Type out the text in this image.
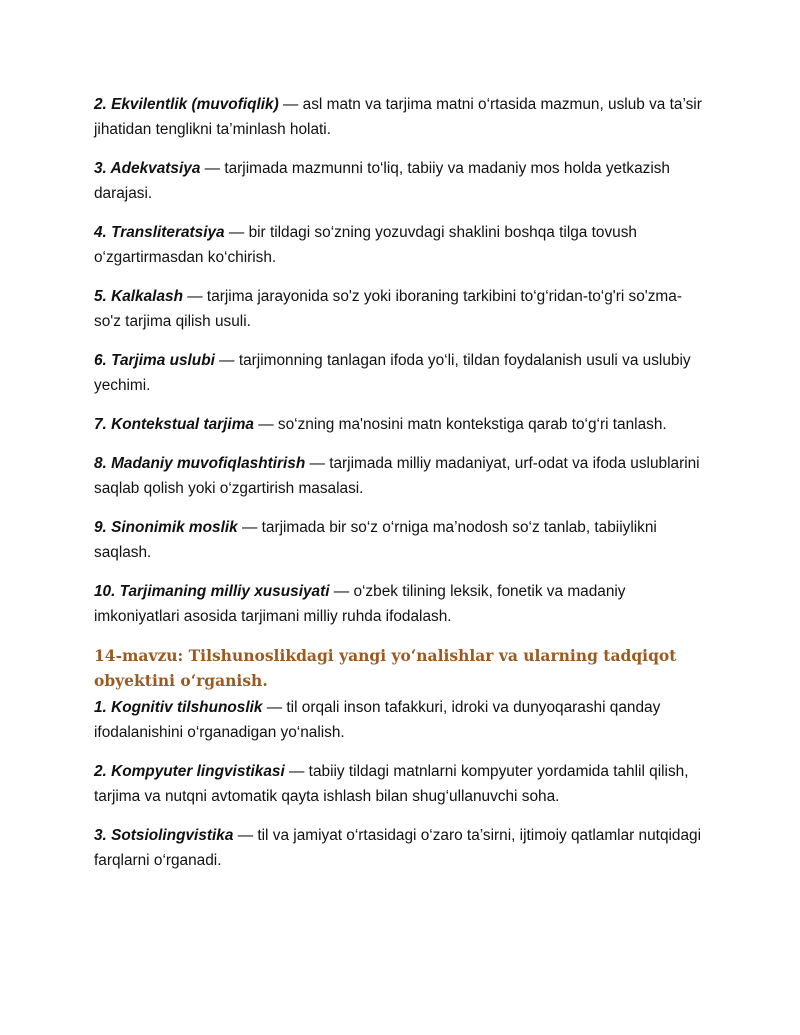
2. Ekvilentlik (muvofiqlik) — asl matn va tarjima matni o‘rtasida mazmun, uslub va ta’sir jihatidan tenglikni ta’minlash holati.

3. Adekvatsiya — tarjimada mazmunni to‘liq, tabiiy va madaniy mos holda yetkazish darajasi.

4. Transliteratsiya — bir tildagi so‘zning yozuvdagi shaklini boshqa tilga tovush o‘zgartirmasdan ko‘chirish.

5. Kalkalash — tarjima jarayonida so'z yoki iboraning tarkibini to‘g‘ridan-to‘g'ri so'zma-so'z tarjima qilish usuli.

6. Tarjima uslubi — tarjimonning tanlagan ifoda yo‘li, tildan foydalanish usuli va uslubiy yechimi.

7. Kontekstual tarjima — so‘zning ma'nosini matn kontekstiga qarab to‘g‘ri tanlash.

8. Madaniy muvofiqlashtirish — tarjimada milliy madaniyat, urf-odat va ifoda uslublarini saqlab qolish yoki o‘zgartirish masalasi.

9. Sinonimik moslik — tarjimada bir so‘z o‘rniga ma’nodosh so‘z tanlab, tabiiylikni saqlash.

10. Tarjimaning milliy xususiyati — o‘zbek tilining leksik, fonetik va madaniy imkoniyatlari asosida tarjimani milliy ruhda ifodalash.

14-mavzu: Tilshunoslikdagi yangi yo‘nalishlar va ularning tadqiqot obyektini o‘rganish.

1. Kognitiv tilshunoslik — til orqali inson tafakkuri, idroki va dunyoqarashi qanday ifodalanishini o‘rganadigan yo‘nalish.

2. Kompyuter lingvistikasi — tabiiy tildagi matnlarni kompyuter yordamida tahlil qilish, tarjima va nutqni avtomatik qayta ishlash bilan shug‘ullanuvchi soha.

3. Sotsiolingvistika — til va jamiyat o‘rtasidagi o‘zaro ta’sirni, ijtimoiy qatlamlar nutqidagi farqlarni o‘rganadi.
